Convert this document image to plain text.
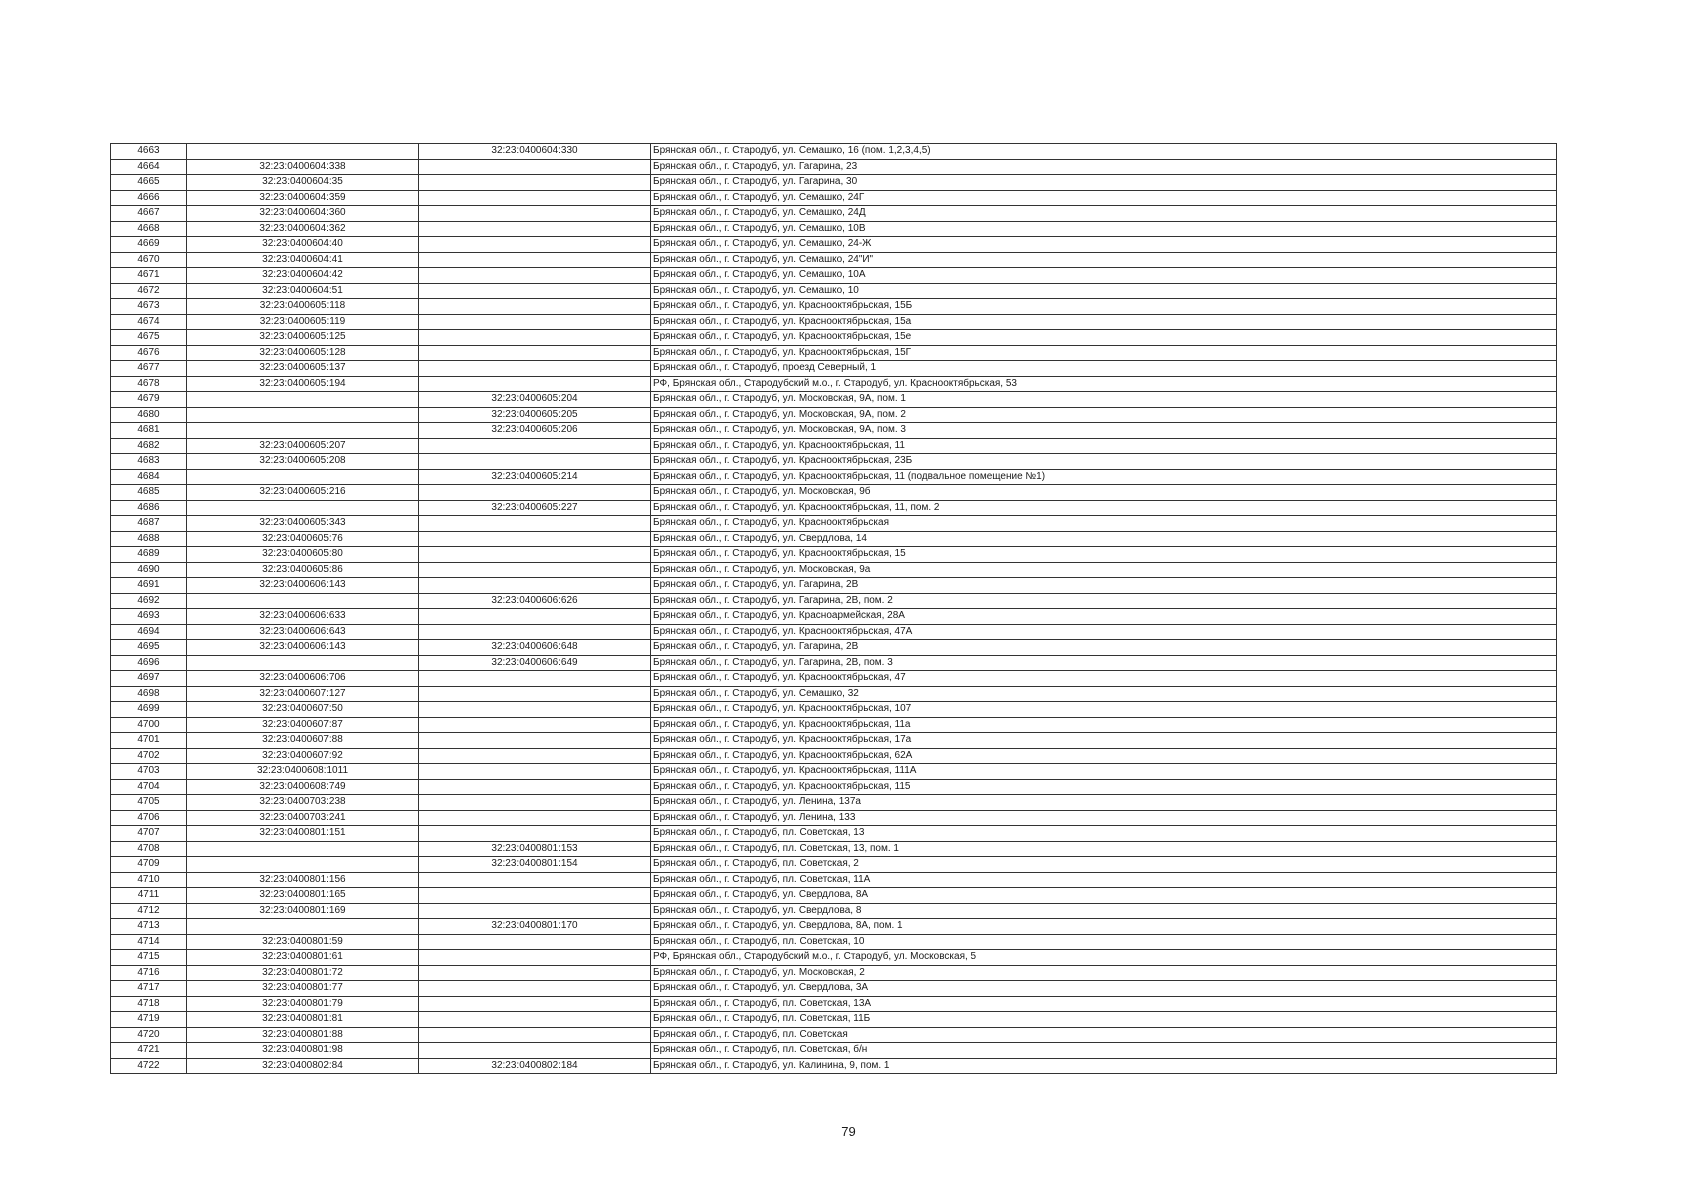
4663		32:23:0400604:330	Брянская обл., г. Стародуб, ул. Семашко, 16 (пом. 1,2,3,4,5)
4664	32:23:0400604:338		Брянская обл., г. Стародуб, ул. Гагарина, 23
4665	32:23:0400604:35		Брянская обл., г. Стародуб, ул. Гагарина, 30
4666	32:23:0400604:359		Брянская обл., г. Стародуб, ул. Семашко, 24Г
4667	32:23:0400604:360		Брянская обл., г. Стародуб, ул. Семашко, 24Д
4668	32:23:0400604:362		Брянская обл., г. Стародуб, ул. Семашко, 10В
4669	32:23:0400604:40		Брянская обл., г. Стародуб, ул. Семашко, 24-Ж
4670	32:23:0400604:41		Брянская обл., г. Стародуб, ул. Семашко, 24"И"
4671	32:23:0400604:42		Брянская обл., г. Стародуб, ул. Семашко, 10А
4672	32:23:0400604:51		Брянская обл., г. Стародуб, ул. Семашко, 10
4673	32:23:0400605:118		Брянская обл., г. Стародуб, ул. Краснооктябрьская, 15Б
4674	32:23:0400605:119		Брянская обл., г. Стародуб, ул. Краснооктябрьская, 15а
4675	32:23:0400605:125		Брянская обл., г. Стародуб, ул. Краснооктябрьская, 15е
4676	32:23:0400605:128		Брянская обл., г. Стародуб, ул. Краснооктябрьская, 15Г
4677	32:23:0400605:137		Брянская обл., г. Стародуб, проезд Северный, 1
4678	32:23:0400605:194		РФ, Брянская обл., Стародубский м.о., г. Стародуб, ул. Краснооктябрьская, 53
4679		32:23:0400605:204	Брянская обл., г. Стародуб, ул. Московская, 9А, пом. 1
4680		32:23:0400605:205	Брянская обл., г. Стародуб, ул. Московская, 9А, пом. 2
4681		32:23:0400605:206	Брянская обл., г. Стародуб, ул. Московская, 9А, пом. 3
4682	32:23:0400605:207		Брянская обл., г. Стародуб, ул. Краснооктябрьская, 11
4683	32:23:0400605:208		Брянская обл., г. Стародуб, ул. Краснооктябрьская, 23Б
4684		32:23:0400605:214	Брянская обл., г. Стародуб, ул. Краснооктябрьская, 11 (подвальное помещение №1)
4685	32:23:0400605:216		Брянская обл., г. Стародуб, ул. Московская, 9б
4686		32:23:0400605:227	Брянская обл., г. Стародуб, ул. Краснооктябрьская, 11, пом. 2
4687	32:23:0400605:343		Брянская обл., г. Стародуб, ул. Краснооктябрьская
4688	32:23:0400605:76		Брянская обл., г. Стародуб, ул. Свердлова, 14
4689	32:23:0400605:80		Брянская обл., г. Стародуб, ул. Краснооктябрьская, 15
4690	32:23:0400605:86		Брянская обл., г. Стародуб, ул. Московская, 9а
4691	32:23:0400606:143		Брянская обл., г. Стародуб, ул. Гагарина, 2В
4692		32:23:0400606:626	Брянская обл., г. Стародуб, ул. Гагарина, 2В, пом. 2
4693	32:23:0400606:633		Брянская обл., г. Стародуб, ул. Красноармейская, 28А
4694	32:23:0400606:643		Брянская обл., г. Стародуб, ул. Краснооктябрьская, 47А
4695	32:23:0400606:143	32:23:0400606:648	Брянская обл., г. Стародуб, ул. Гагарина, 2В
4696		32:23:0400606:649	Брянская обл., г. Стародуб, ул. Гагарина, 2В, пом. 3
4697	32:23:0400606:706		Брянская обл., г. Стародуб, ул. Краснооктябрьская, 47
4698	32:23:0400607:127		Брянская обл., г. Стародуб, ул. Семашко, 32
4699	32:23:0400607:50		Брянская обл., г. Стародуб, ул. Краснооктябрьская, 107
4700	32:23:0400607:87		Брянская обл., г. Стародуб, ул. Краснооктябрьская, 11а
4701	32:23:0400607:88		Брянская обл., г. Стародуб, ул. Краснооктябрьская, 17а
4702	32:23:0400607:92		Брянская обл., г. Стародуб, ул. Краснооктябрьская, 62А
4703	32:23:0400608:1011		Брянская обл., г. Стародуб, ул. Краснооктябрьская, 111А
4704	32:23:0400608:749		Брянская обл., г. Стародуб, ул. Краснооктябрьская, 115
4705	32:23:0400703:238		Брянская обл., г. Стародуб, ул. Ленина, 137а
4706	32:23:0400703:241		Брянская обл., г. Стародуб, ул. Ленина, 133
4707	32:23:0400801:151		Брянская обл., г. Стародуб, пл. Советская, 13
4708		32:23:0400801:153	Брянская обл., г. Стародуб, пл. Советская, 13, пом. 1
4709		32:23:0400801:154	Брянская обл., г. Стародуб, пл. Советская, 2
4710	32:23:0400801:156		Брянская обл., г. Стародуб, пл. Советская, 11А
4711	32:23:0400801:165		Брянская обл., г. Стародуб, ул. Свердлова, 8А
4712	32:23:0400801:169		Брянская обл., г. Стародуб, ул. Свердлова, 8
4713		32:23:0400801:170	Брянская обл., г. Стародуб, ул. Свердлова, 8А, пом. 1
4714	32:23:0400801:59		Брянская обл., г. Стародуб, пл. Советская, 10
4715	32:23:0400801:61		РФ, Брянская обл., Стародубский м.о., г. Стародуб, ул. Московская, 5
4716	32:23:0400801:72		Брянская обл., г. Стародуб, ул. Московская, 2
4717	32:23:0400801:77		Брянская обл., г. Стародуб, ул. Свердлова, 3А
4718	32:23:0400801:79		Брянская обл., г. Стародуб, пл. Советская, 13А
4719	32:23:0400801:81		Брянская обл., г. Стародуб, пл. Советская, 11Б
4720	32:23:0400801:88		Брянская обл., г. Стародуб, пл. Советская
4721	32:23:0400801:98		Брянская обл., г. Стародуб, пл. Советская, б/н
4722	32:23:0400802:84	32:23:0400802:184	Брянская обл., г. Стародуб, ул. Калинина, 9, пом. 1
79
